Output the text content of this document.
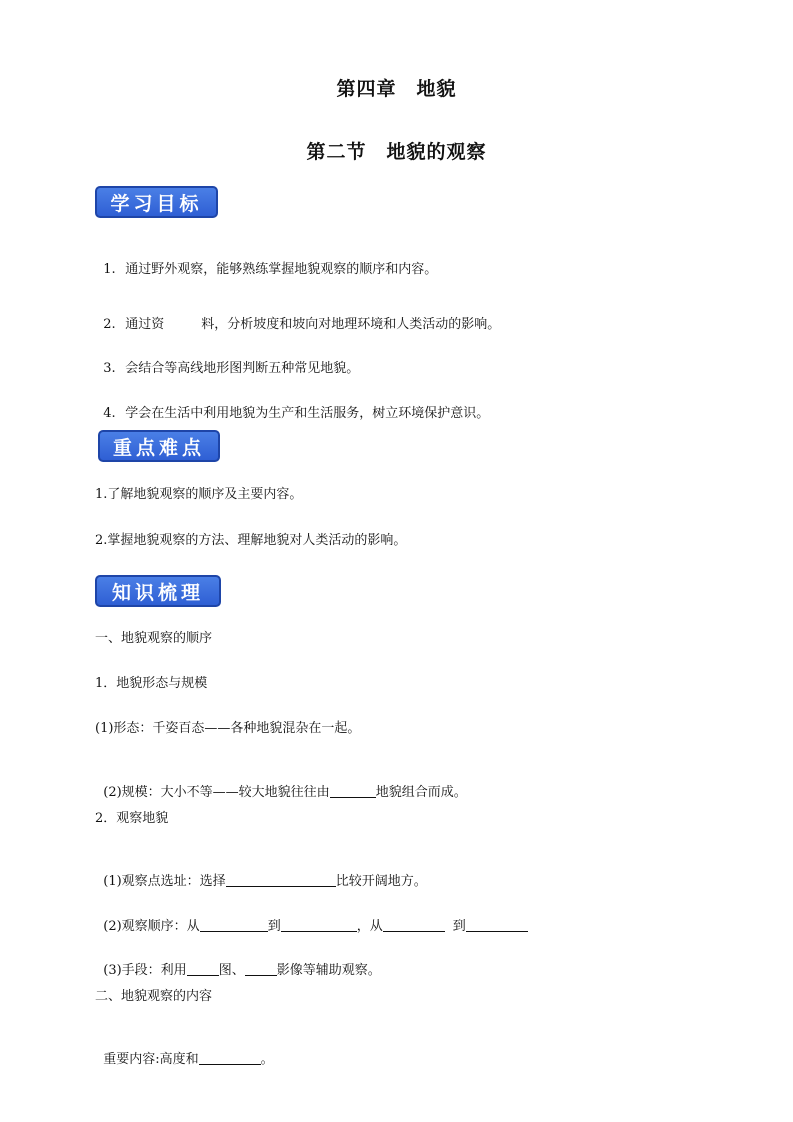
第四章　地貌
第二节　地貌的观察
学习目标

1. 通过野外观察，能够熟练掌握地貌观察的顺序和内容。

2. 通过资	料，分析坡度和坡向对地理环境和人类活动的影响。

3. 会结合等高线地形图判断五种常见地貌。

4. 学会在生活中利用地貌为生产和生活服务，树立环境保护意识。

重点难点
1.了解地貌观察的顺序及主要内容。
2.掌握地貌观察的方法、理解地貌对人类活动的影响。
知识梳理
一、地貌观察的顺序
1．地貌形态与规模
(1)形态：千姿百态——各种地貌混杂在一起。

(2)规模：大小不等——较大地貌往往由	地貌组合而成。

2．观察地貌

(1)观察点选址：选择	比较开阔地方。

(2)观察顺序：从	到	，从	到

(3)手段：利用 图、 影像等辅助观察。

二、地貌观察的内容

重要内容:高度和	。
